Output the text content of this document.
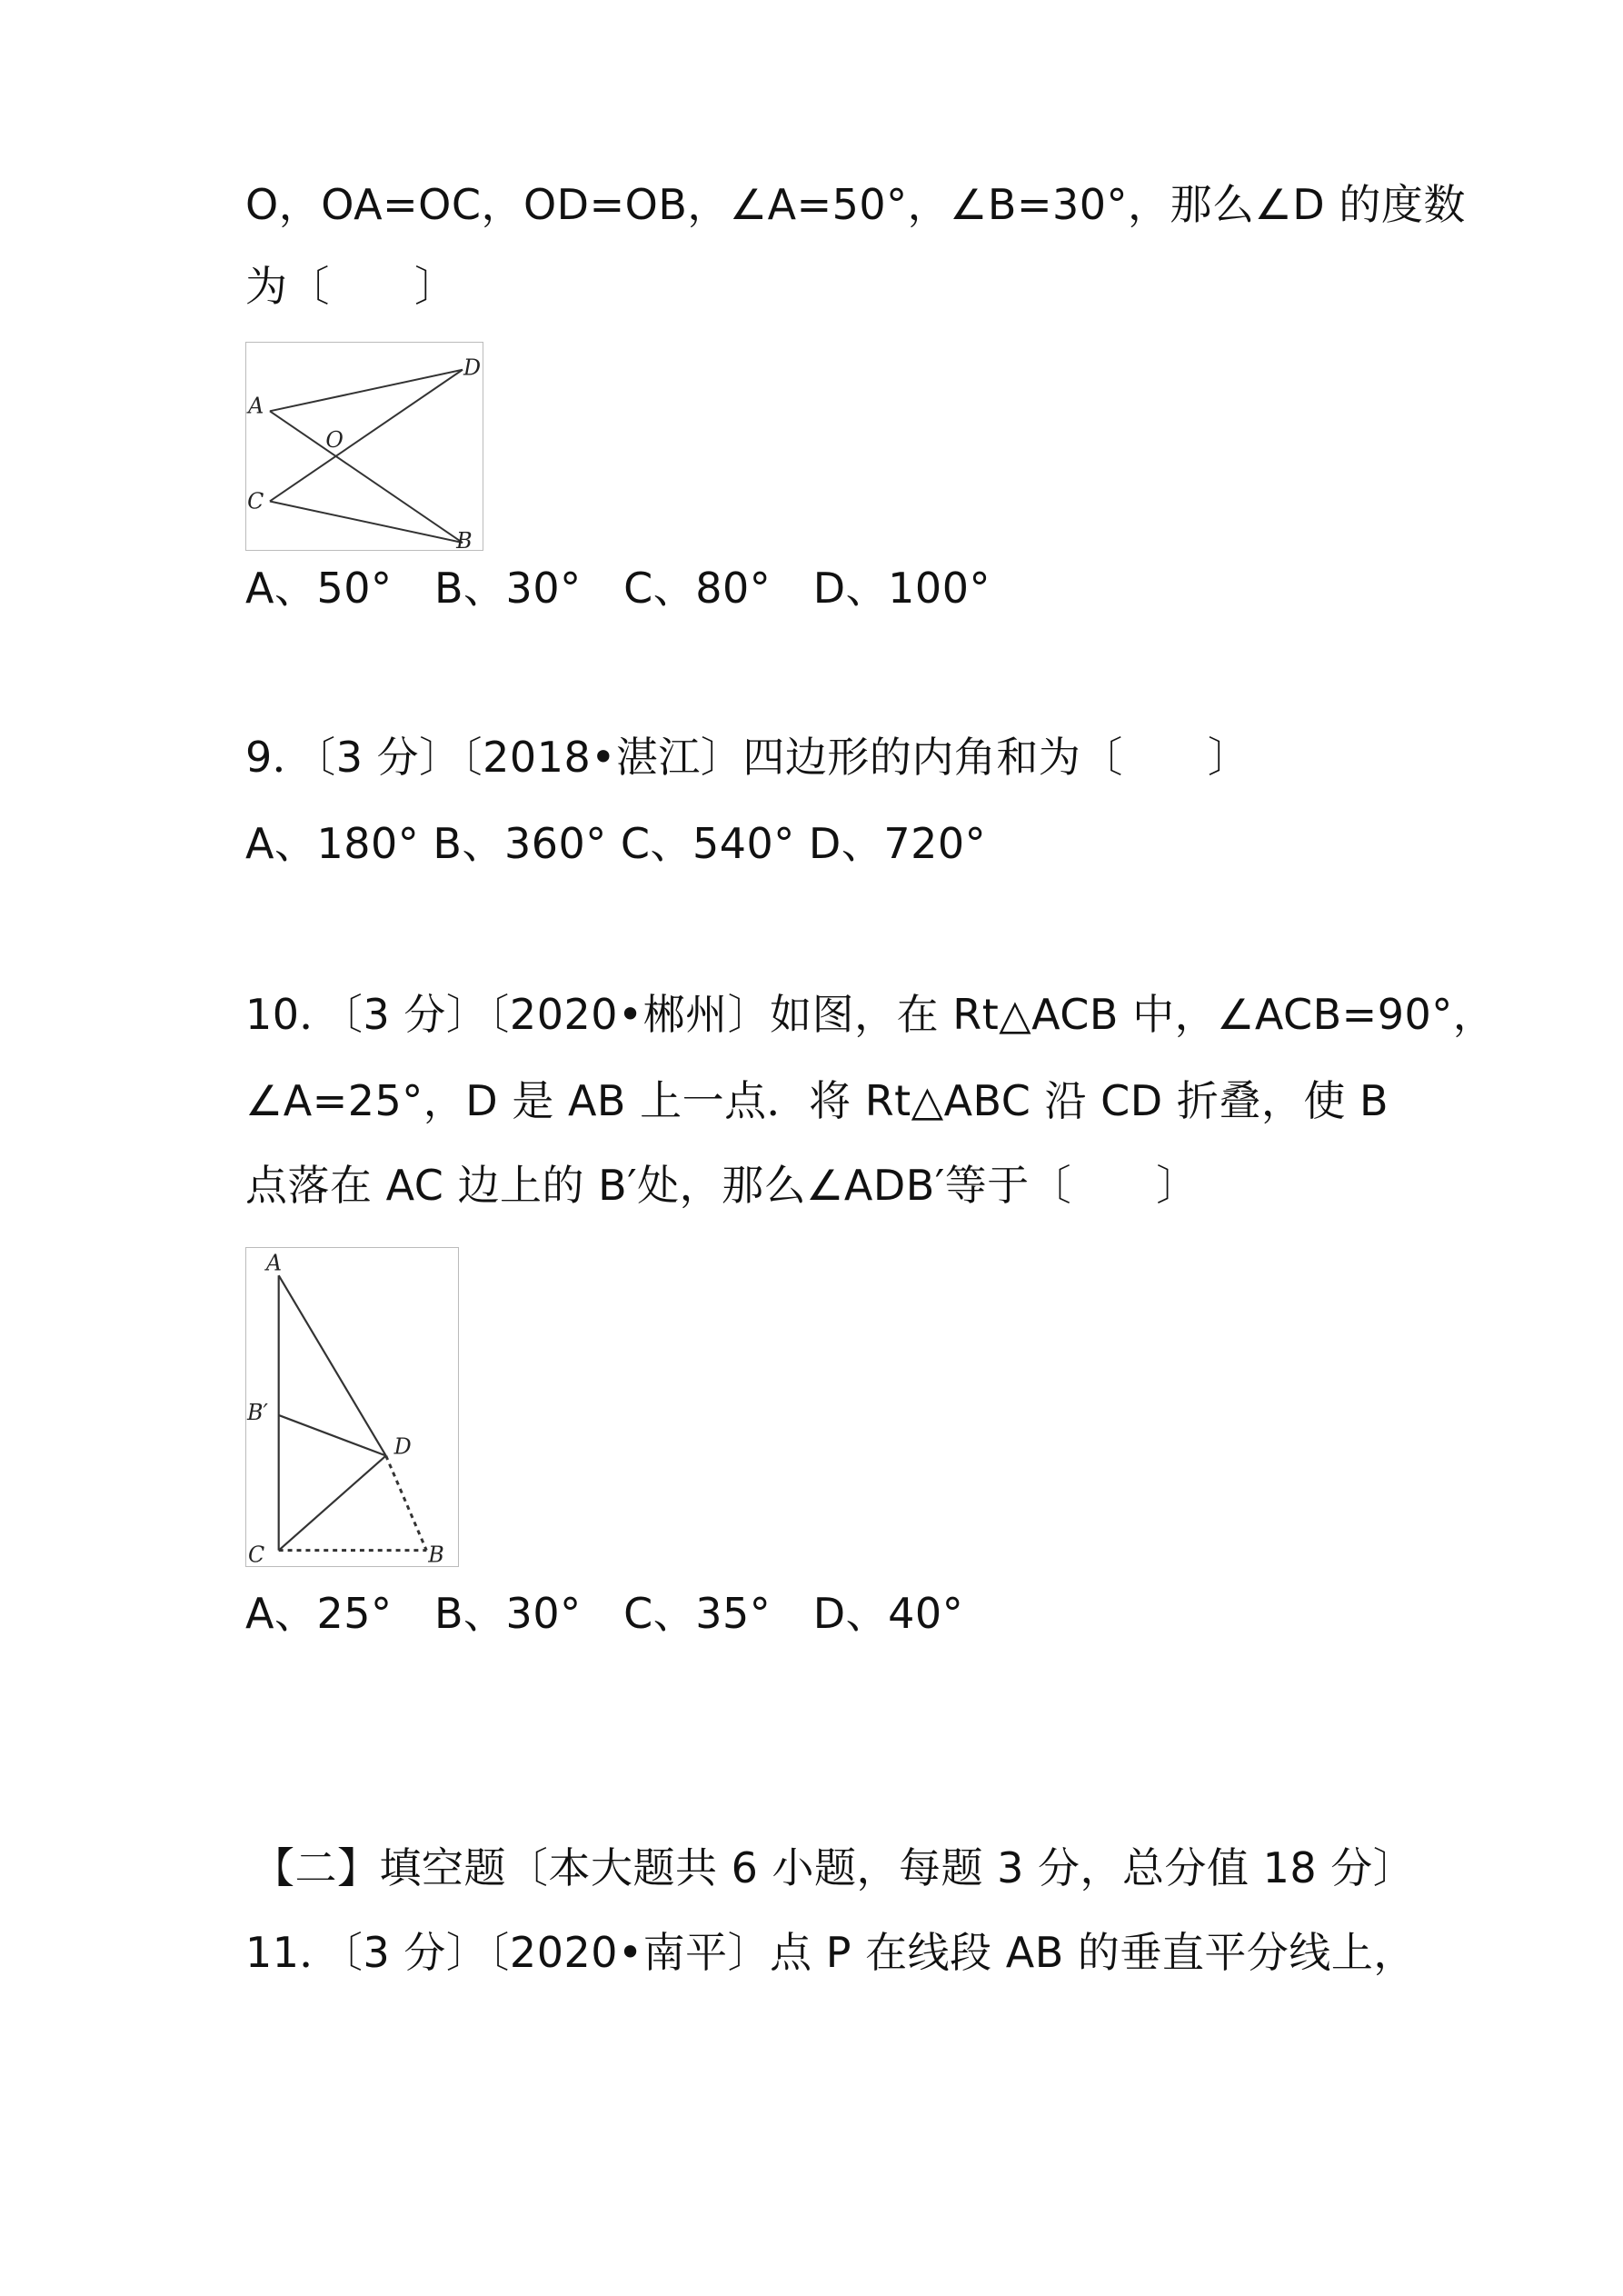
O，OA=OC，OD=OB，∠A=50°，∠B=30°，那么∠D 的度数
为〔　　〕
A
C
D
B
O
A、50°　B、30°　C、80°　D、100°
9．〔3 分〕〔2018•湛江〕四边形的内角和为〔　　〕
A、180° B、360° C、540° D、720°
10．〔3 分〕〔2020•郴州〕如图，在 Rt△ACB 中，∠ACB=90°，
∠A=25°，D 是 AB 上一点．将 Rt△ABC 沿 CD 折叠，使 B
点落在 AC 边上的 B′处，那么∠ADB′等于〔　　〕
A
B′
D
C	B
A、25°　B、30°　C、35°　D、40°
【二】填空题〔本大题共 6 小题，每题 3 分，总分值 18 分〕
11．〔3 分〕〔2020•南平〕点 P 在线段 AB 的垂直平分线上，
